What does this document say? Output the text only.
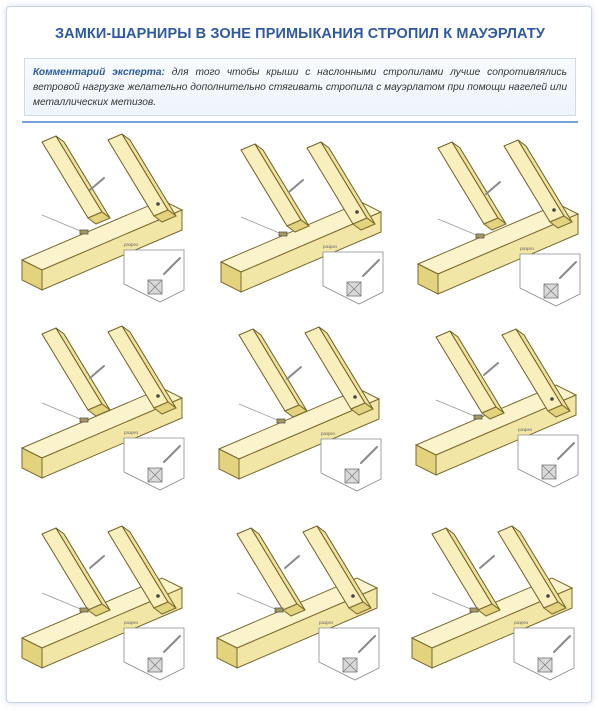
ЗАМКИ-ШАРНИРЫ В ЗОНЕ ПРИМЫКАНИЯ СТРОПИЛ К МАУЭРЛАТУ
Комментарий эксперта: для того чтобы крыши с наслонными стропилами лучше сопротивлялись ветровой нагрузке желательно дополнительно стягивать стропила с мауэрлатом при помощи нагелей или металлических метизов.
разрез	разрез	разрез
разрез	разрез
разрез
разрез	разрез	разрез
